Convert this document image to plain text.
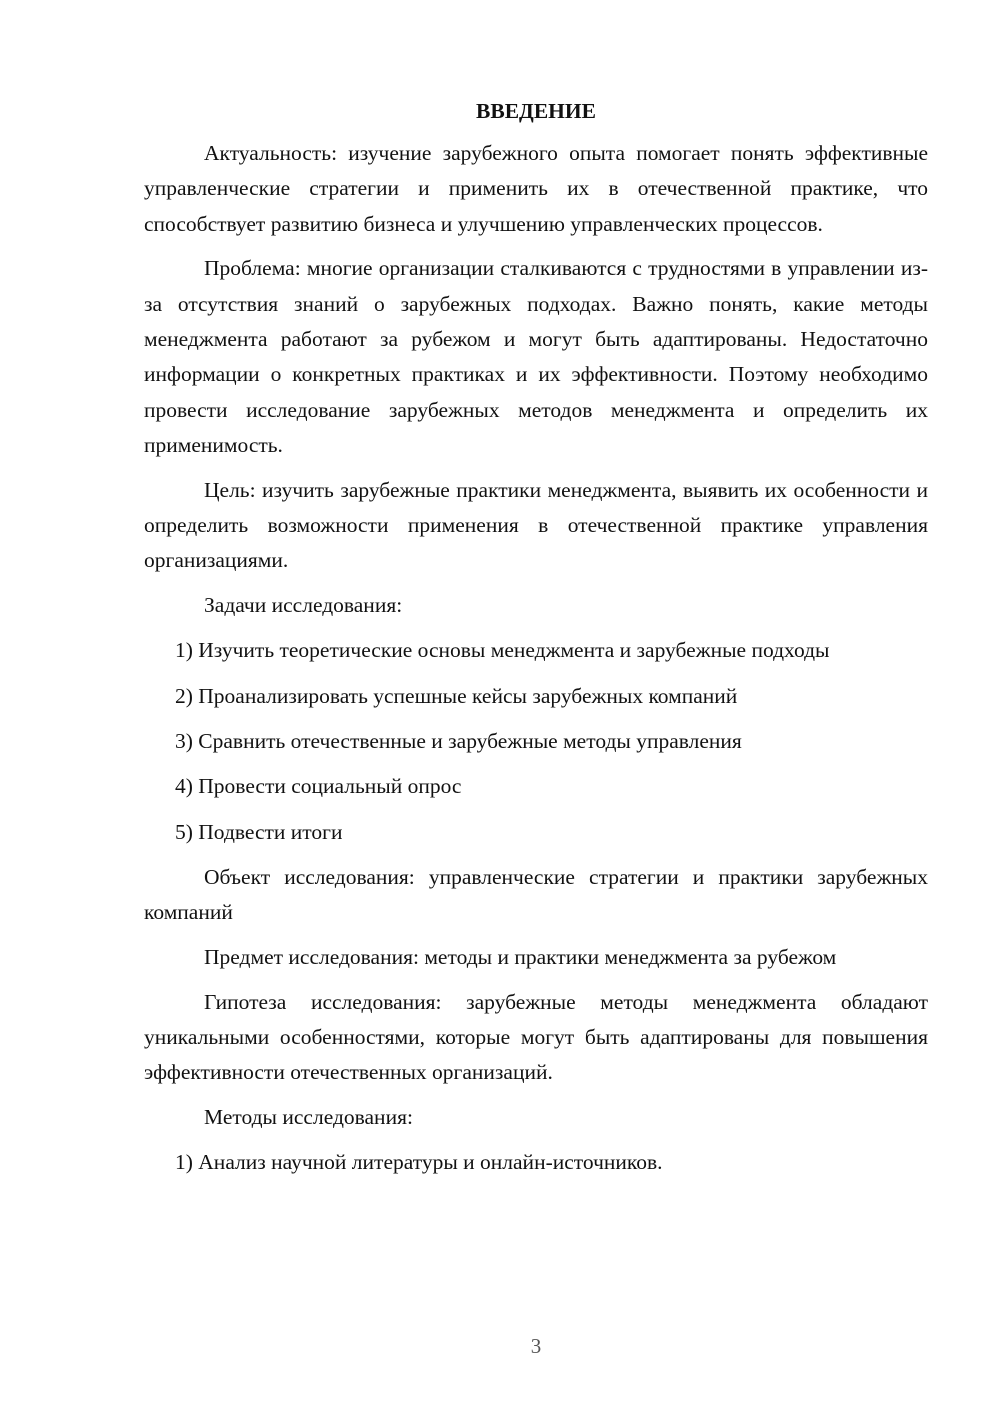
ВВЕДЕНИЕ

Актуальность: изучение зарубежного опыта помогает понять эффективные управленческие стратегии и применить их в отечественной практике, что способствует развитию бизнеса и улучшению управленческих процессов.

Проблема: многие организации сталкиваются с трудностями в управлении из-за отсутствия знаний о зарубежных подходах. Важно понять, какие методы менеджмента работают за рубежом и могут быть адаптированы. Недостаточно информации о конкретных практиках и их эффективности. Поэтому необходимо провести исследование зарубежных методов менеджмента и определить их применимость.

Цель: изучить зарубежные практики менеджмента, выявить их особенности и определить возможности применения в отечественной практике управления организациями.

Задачи исследования:
1) Изучить теоретические основы менеджмента и зарубежные подходы
2) Проанализировать успешные кейсы зарубежных компаний
3) Сравнить отечественные и зарубежные методы управления
4) Провести социальный опрос
5) Подвести итоги

Объект исследования: управленческие стратегии и практики зарубежных компаний

Предмет исследования: методы и практики менеджмента за рубежом

Гипотеза исследования: зарубежные методы менеджмента обладают уникальными особенностями, которые могут быть адаптированы для повышения эффективности отечественных организаций.

Методы исследования:
1) Анализ научной литературы и онлайн-источников.
3
